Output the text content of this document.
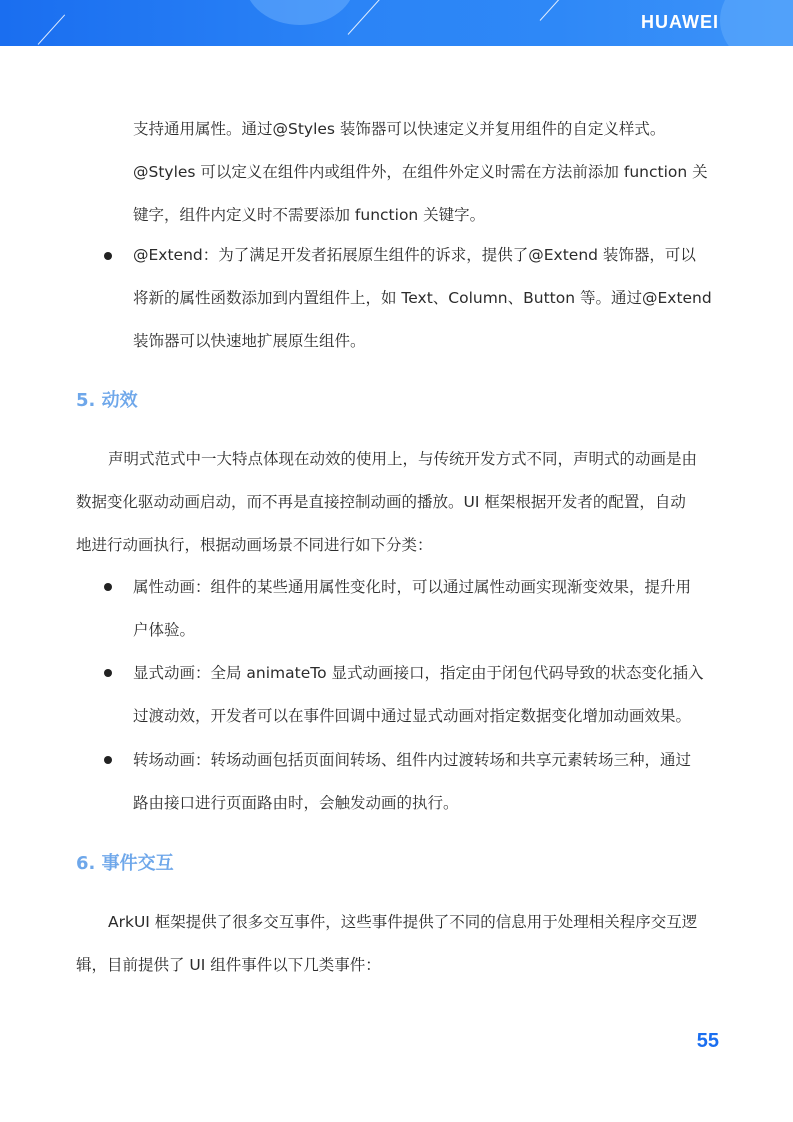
HUAWEI

支持通用属性。通过@Styles 装饰器可以快速定义并复用组件的自定义样式。

@Styles 可以定义在组件内或组件外，在组件外定义时需在方法前添加 function 关

键字，组件内定义时不需要添加 function 关键字。

@Extend：为了满足开发者拓展原生组件的诉求，提供了@Extend 装饰器，可以

将新的属性函数添加到内置组件上，如 Text、Column、Button 等。通过@Extend

装饰器可以快速地扩展原生组件。

5. 动效

声明式范式中一大特点体现在动效的使用上，与传统开发方式不同，声明式的动画是由

数据变化驱动动画启动，而不再是直接控制动画的播放。UI 框架根据开发者的配置，自动

地进行动画执行，根据动画场景不同进行如下分类：

属性动画：组件的某些通用属性变化时，可以通过属性动画实现渐变效果，提升用

户体验。

显式动画：全局 animateTo 显式动画接口，指定由于闭包代码导致的状态变化插入

过渡动效，开发者可以在事件回调中通过显式动画对指定数据变化增加动画效果。

转场动画：转场动画包括页面间转场、组件内过渡转场和共享元素转场三种，通过

路由接口进行页面路由时，会触发动画的执行。

6. 事件交互

ArkUI 框架提供了很多交互事件，这些事件提供了不同的信息用于处理相关程序交互逻

辑，目前提供了 UI 组件事件以下几类事件：

55
